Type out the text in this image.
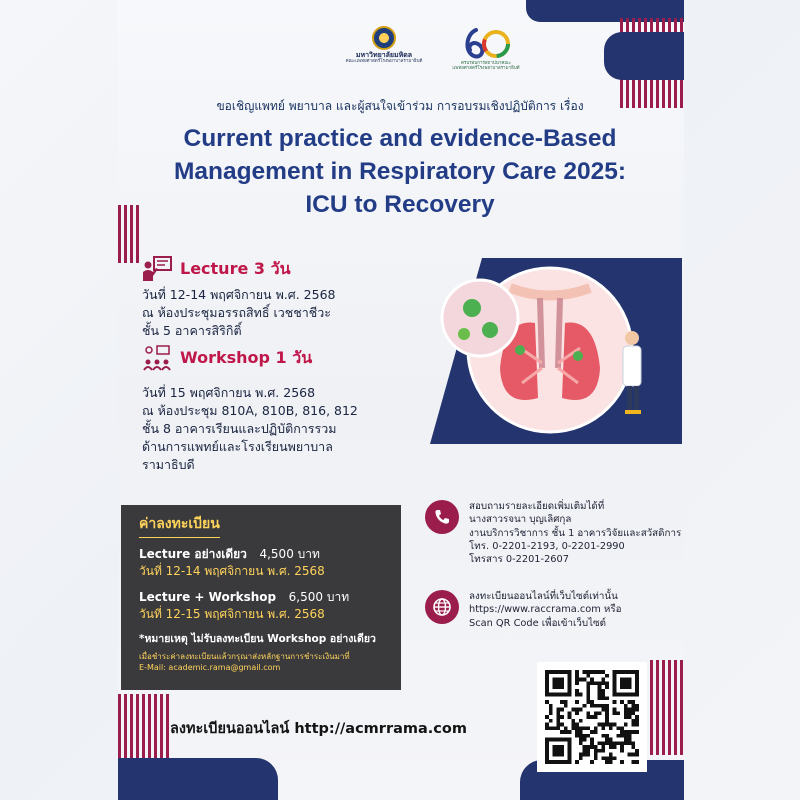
มหาวิทยาลัยมหิดล
คณะแพทยศาสตร์โรงพยาบาลรามาธิบดี	ครบรอบการสถาปนาคณะแพทยศาสตร์โรงพยาบาลรามาธิบดี
ขอเชิญแพทย์ พยาบาล และผู้สนใจเข้าร่วม การอบรมเชิงปฏิบัติการ เรื่อง
Current practice and evidence-Based
Management in Respiratory Care 2025:
ICU to Recovery
Lecture 3 วัน
วันที่ 12-14 พฤศจิกายน พ.ศ. 2568
ณ ห้องประชุมอรรถสิทธิ์ เวชชาชีวะ
ชั้น 5 อาคารสิริกิติ์
Workshop 1 วัน
วันที่ 15 พฤศจิกายน พ.ศ. 2568
ณ ห้องประชุม 810A, 810B, 816, 812
ชั้น 8 อาคารเรียนและปฏิบัติการรวม
ด้านการแพทย์และโรงเรียนพยาบาล
รามาธิบดี
ค่าลงทะเบียน
Lecture อย่างเดียว 4,500 บาท
วันที่ 12-14 พฤศจิกายน พ.ศ. 2568
Lecture + Workshop 6,500 บาท
วันที่ 12-15 พฤศจิกายน พ.ศ. 2568
*หมายเหตุ ไม่รับลงทะเบียน Workshop อย่างเดียว
เมื่อชำระค่าลงทะเบียนแล้วกรุณาส่งหลักฐานการชำระเงินมาที่
E-Mail: academic.rama@gmail.com
สอบถามรายละเอียดเพิ่มเติมได้ที่
นางสาวรจนา บุญเลิศกุล
งานบริการวิชาการ ชั้น 1 อาคารวิจัยและสวัสดิการ
โทร. 0-2201-2193, 0-2201-2990
โทรสาร 0-2201-2607
ลงทะเบียนออนไลน์ที่เว็บไซต์เท่านั้น
https://www.raccrama.com หรือ
Scan QR Code เพื่อเข้าเว็บไซต์
ลงทะเบียนออนไลน์ http://acmrrama.com
